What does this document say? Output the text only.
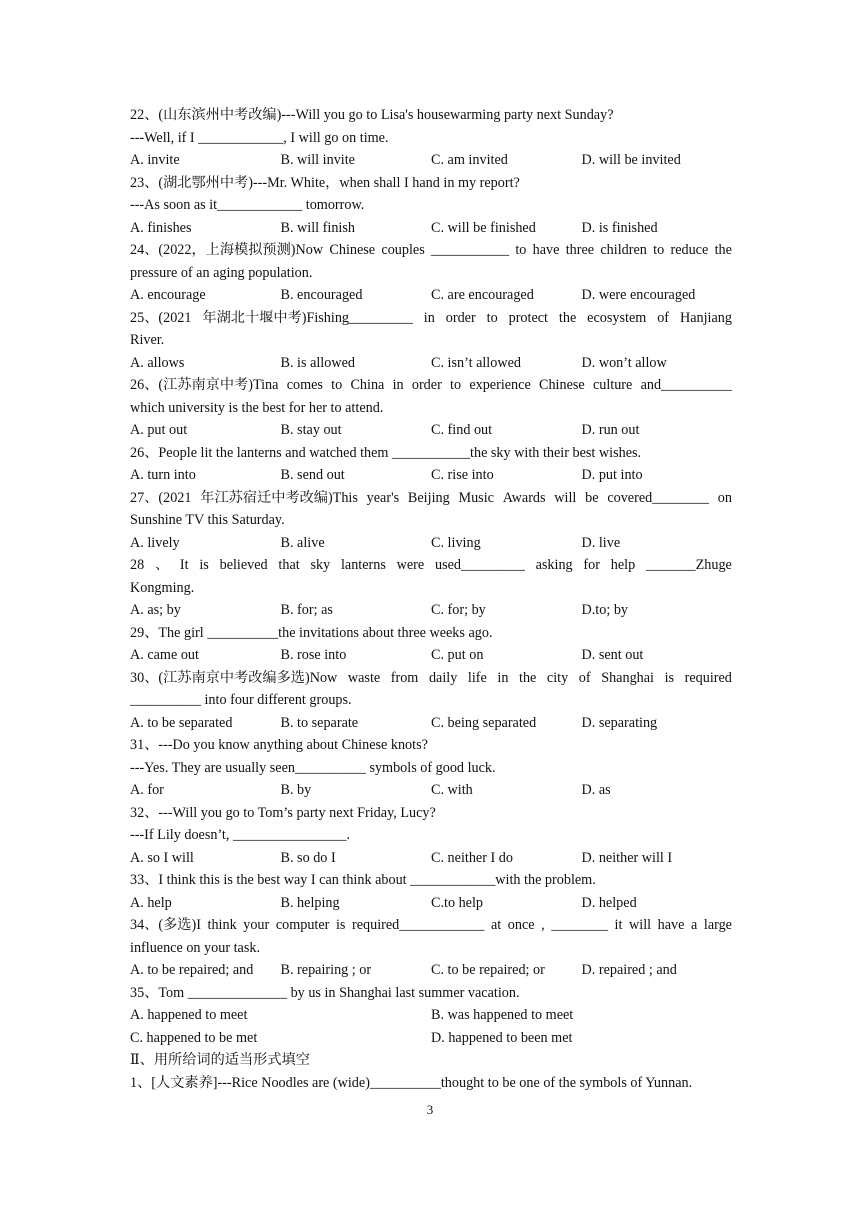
22、(山东滨州中考改编)---Will you go to Lisa's housewarming party next Sunday?
---Well, if I ____________, I will go on time.
A. invite	B. will invite	C. am invited	D. will be invited
23、(湖北鄂州中考)---Mr. White，when shall I hand in my report?
---As soon as it____________ tomorrow.
A. finishes	B. will finish	C. will be finished	D. is finished
24、(2022，上海模拟预测)Now Chinese couples ___________ to have three children to reduce the
pressure of an aging population.
A. encourage	B. encouraged	C. are encouraged	D. were encouraged
25、(2021 年湖北十堰中考)Fishing_________ in order to protect the ecosystem of Hanjiang
River.
A. allows	B. is allowed	C. isn’t allowed	D. won’t allow
26、(江苏南京中考)Tina comes to China in order to experience Chinese culture and__________
which university is the best for her to attend.
A. put out	B. stay out	C. find out	D. run out
26、People lit the lanterns and watched them ___________the sky with their best wishes.
A. turn into	B. send out	C. rise into	D. put into
27、(2021 年江苏宿迁中考改编)This year's Beijing Music Awards will be covered________ on
Sunshine TV this Saturday.
A. lively	B. alive	C. living	D. live
28 、 It is believed that sky lanterns were used_________ asking for help _______Zhuge
Kongming.
A. as; by	B. for; as	C. for; by	D.to; by
29、The girl __________the invitations about three weeks ago.
A. came out	B. rose into	C. put on	D. sent out
30、(江苏南京中考改编多选)Now waste from daily life in the city of Shanghai is required
__________ into four different groups.
A. to be separated	B. to separate	C. being separated	D. separating
31、---Do you know anything about Chinese knots?
---Yes. They are usually seen__________ symbols of good luck.
A. for	B. by	C. with	D. as
32、---Will you go to Tom’s party next Friday, Lucy?
---If Lily doesn’t, ________________.
A. so I will	B. so do I	C. neither I do	D. neither will I
33、I think this is the best way I can think about ____________with the problem.
A. help	B. helping	C.to help	D. helped
34、(多选)I think your computer is required____________ at once , ________ it will have a large
influence on your task.
A. to be repaired; and	B. repairing ; or	C. to be repaired; or	D. repaired ; and
35、Tom ______________ by us in Shanghai last summer vacation.
A. happened to meet	B. was happened to meet
C. happened to be met	D. happened to been met
Ⅱ、用所给词的适当形式填空
1、[人文素养]---Rice Noodles are (wide)__________thought to be one of the symbols of Yunnan.
3
